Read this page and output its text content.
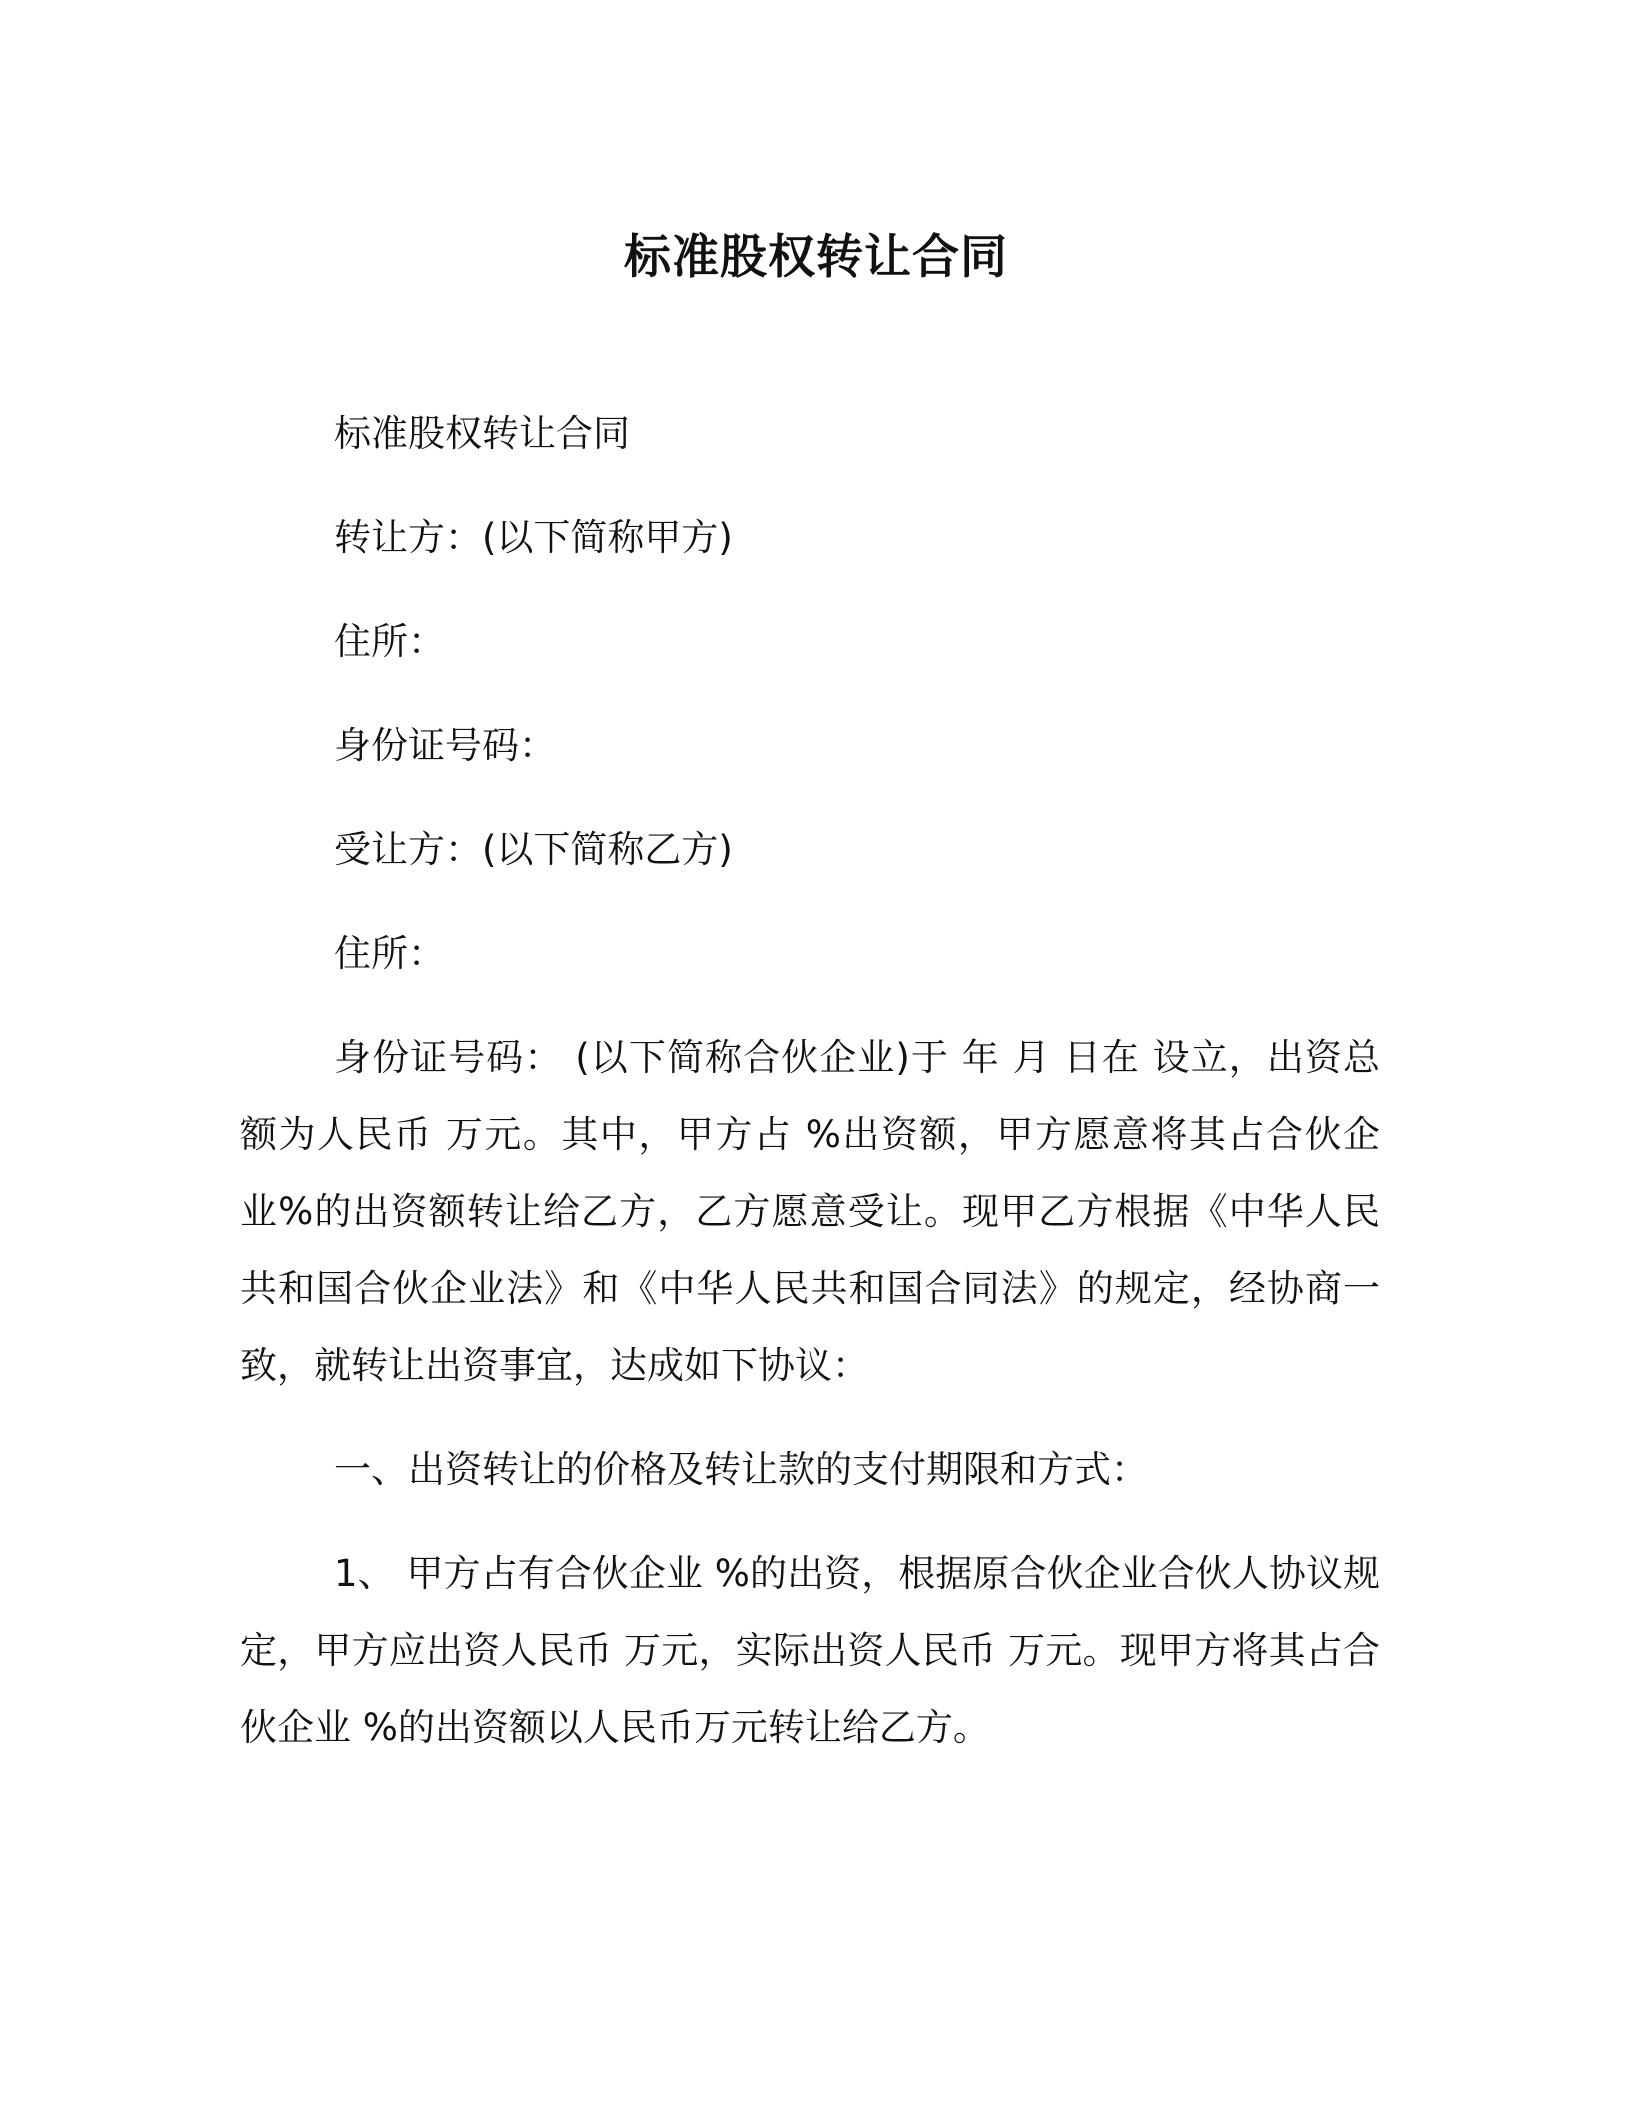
标准股权转让合同

标准股权转让合同

转让方：(以下简称甲方)

住所：

身份证号码：

受让方：(以下简称乙方)

住所：

身份证号码： (以下简称合伙企业)于 年 月 日在 设立，出资总额为人民币 万元。其中，甲方占 %出资额，甲方愿意将其占合伙企业%的出资额转让给乙方，乙方愿意受让。现甲乙方根据《中华人民共和国合伙企业法》和《中华人民共和国合同法》的规定，经协商一致，就转让出资事宜，达成如下协议：

一、出资转让的价格及转让款的支付期限和方式：

1、 甲方占有合伙企业 %的出资，根据原合伙企业合伙人协议规定，甲方应出资人民币 万元，实际出资人民币 万元。现甲方将其占合伙企业 %的出资额以人民币万元转让给乙方。
